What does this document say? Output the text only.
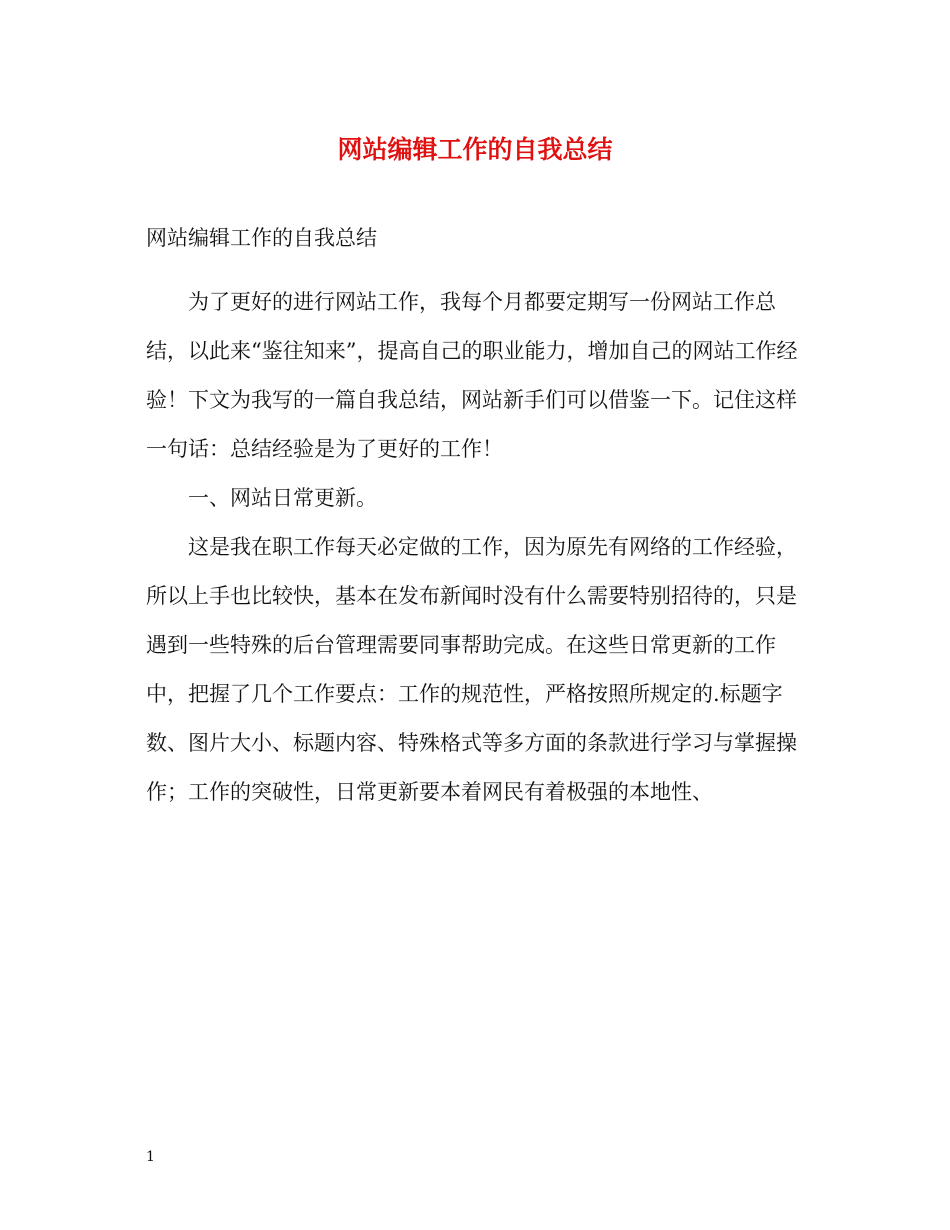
网站编辑工作的自我总结

网站编辑工作的自我总结

为了更好的进行网站工作，我每个月都要定期写一份网站工作总结，以此来“鉴往知来”，提高自己的职业能力，增加自己的网站工作经验！下文为我写的一篇自我总结，网站新手们可以借鉴一下。记住这样一句话：总结经验是为了更好的工作！

一、网站日常更新。

这是我在职工作每天必定做的工作，因为原先有网络的工作经验，所以上手也比较快，基本在发布新闻时没有什么需要特别招待的，只是遇到一些特殊的后台管理需要同事帮助完成。在这些日常更新的工作中，把握了几个工作要点：工作的规范性，严格按照所规定的.标题字数、图片大小、标题内容、特殊格式等多方面的条款进行学习与掌握操作；工作的突破性，日常更新要本着网民有着极强的本地性、

1
